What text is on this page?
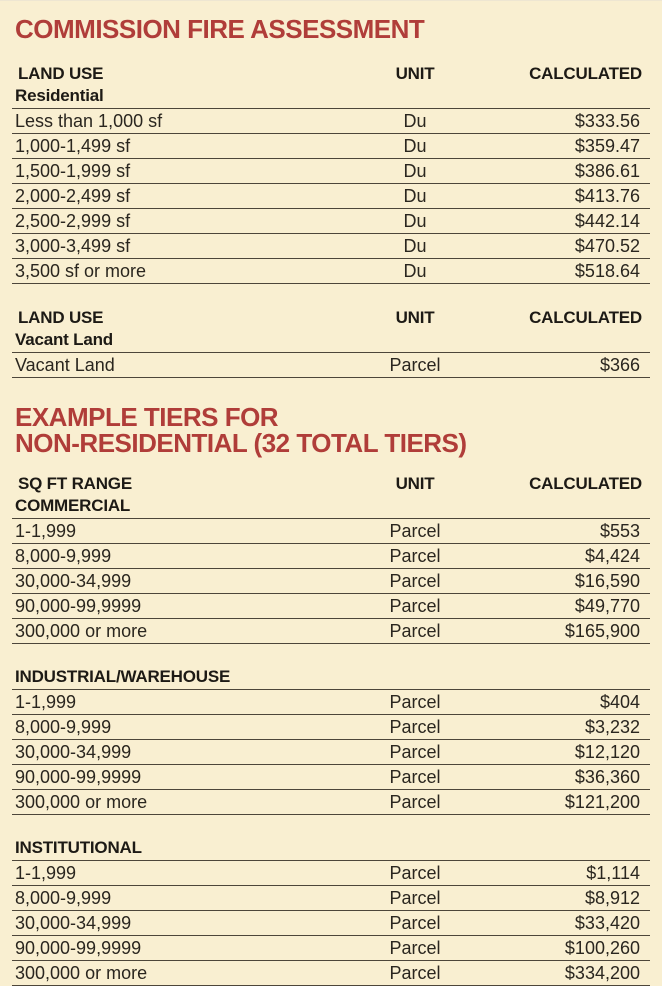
COMMISSION FIRE ASSESSMENT
LAND USE	UNIT	CALCULATED
Residential
Less than 1,000 sf	Du	$333.56
1,000-1,499 sf	Du	$359.47
1,500-1,999 sf	Du	$386.61
2,000-2,499 sf	Du	$413.76
2,500-2,999 sf	Du	$442.14
3,000-3,499 sf	Du	$470.52
3,500 sf or more	Du	$518.64
LAND USE	UNIT	CALCULATED
Vacant Land
Vacant Land	Parcel	$366
EXAMPLE TIERS FOR
NON-RESIDENTIAL (32 TOTAL TIERS)
SQ FT RANGE	UNIT	CALCULATED
COMMERCIAL
1-1,999	Parcel	$553
8,000-9,999	Parcel	$4,424
30,000-34,999	Parcel	$16,590
90,000-99,9999	Parcel	$49,770
300,000 or more	Parcel	$165,900
INDUSTRIAL/WAREHOUSE
1-1,999	Parcel	$404
8,000-9,999	Parcel	$3,232
30,000-34,999	Parcel	$12,120
90,000-99,9999	Parcel	$36,360
300,000 or more	Parcel	$121,200
INSTITUTIONAL
1-1,999	Parcel	$1,114
8,000-9,999	Parcel	$8,912
30,000-34,999	Parcel	$33,420
90,000-99,9999	Parcel	$100,260
300,000 or more	Parcel	$334,200
